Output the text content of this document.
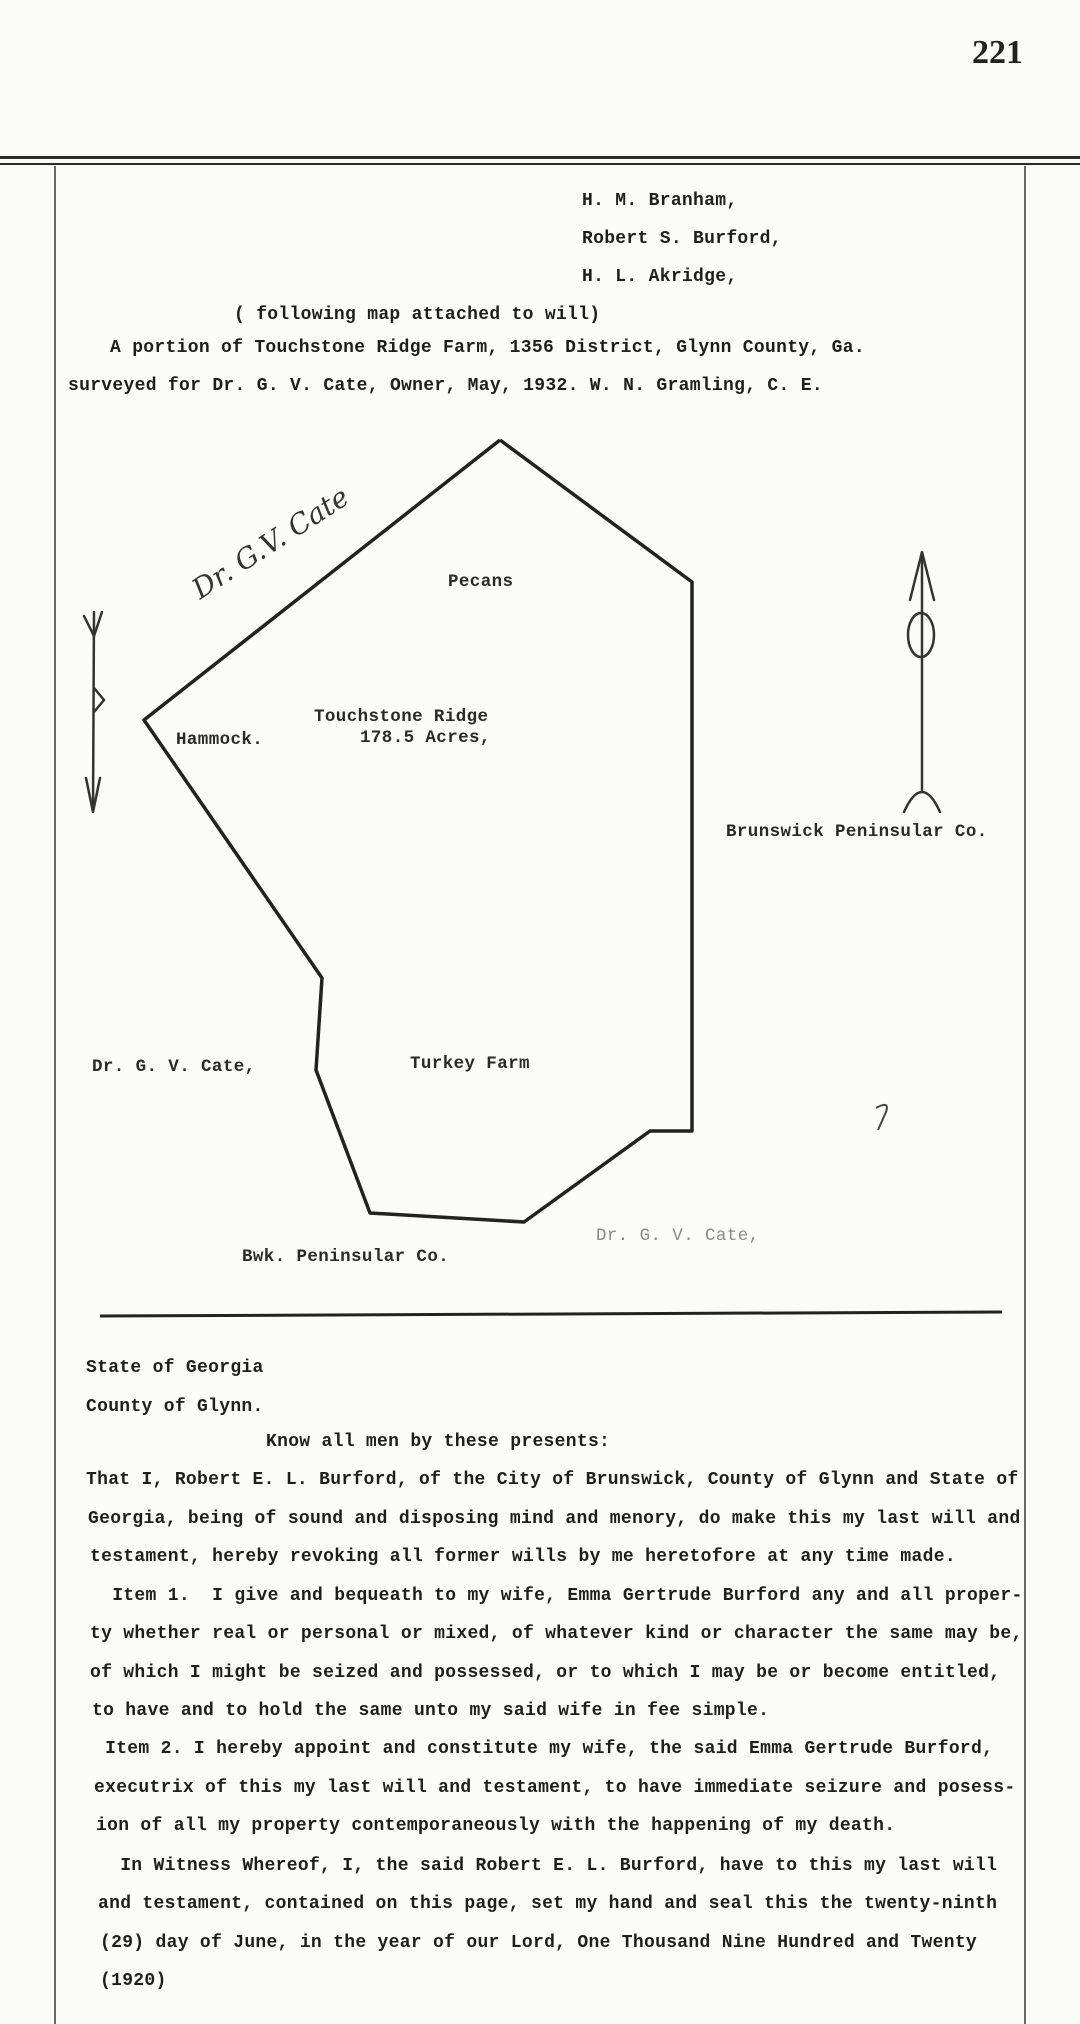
221
H. M. Branham,
Robert S. Burford,
H. L. Akridge,
( following map attached to will)
A portion of Touchstone Ridge Farm, 1356 District, Glynn County, Ga.
surveyed for Dr. G. V. Cate, Owner, May, 1932. W. N. Gramling, C. E.
Dr. G.V. Cate	Pecans
Touchstone Ridge
Hammock.	178.5 Acres,
Brunswick Peninsular Co.
Dr. G. V. Cate,	Turkey Farm
Dr. G. V. Cate,
Bwk. Peninsular Co.
State of Georgia
County of Glynn.
Know all men by these presents:
That I, Robert E. L. Burford, of the City of Brunswick, County of Glynn and State of
Georgia, being of sound and disposing mind and menory, do make this my last will and
testament, hereby revoking all former wills by me heretofore at any time made.
Item 1.  I give and bequeath to my wife, Emma Gertrude Burford any and all proper-
ty whether real or personal or mixed, of whatever kind or character the same may be,
of which I might be seized and possessed, or to which I may be or become entitled,
to have and to hold the same unto my said wife in fee simple.
Item 2. I hereby appoint and constitute my wife, the said Emma Gertrude Burford,
executrix of this my last will and testament, to have immediate seizure and posess-
ion of all my property contemporaneously with the happening of my death.
In Witness Whereof, I, the said Robert E. L. Burford, have to this my last will
and testament, contained on this page, set my hand and seal this the twenty-ninth
(29) day of June, in the year of our Lord, One Thousand Nine Hundred and Twenty
(1920)
